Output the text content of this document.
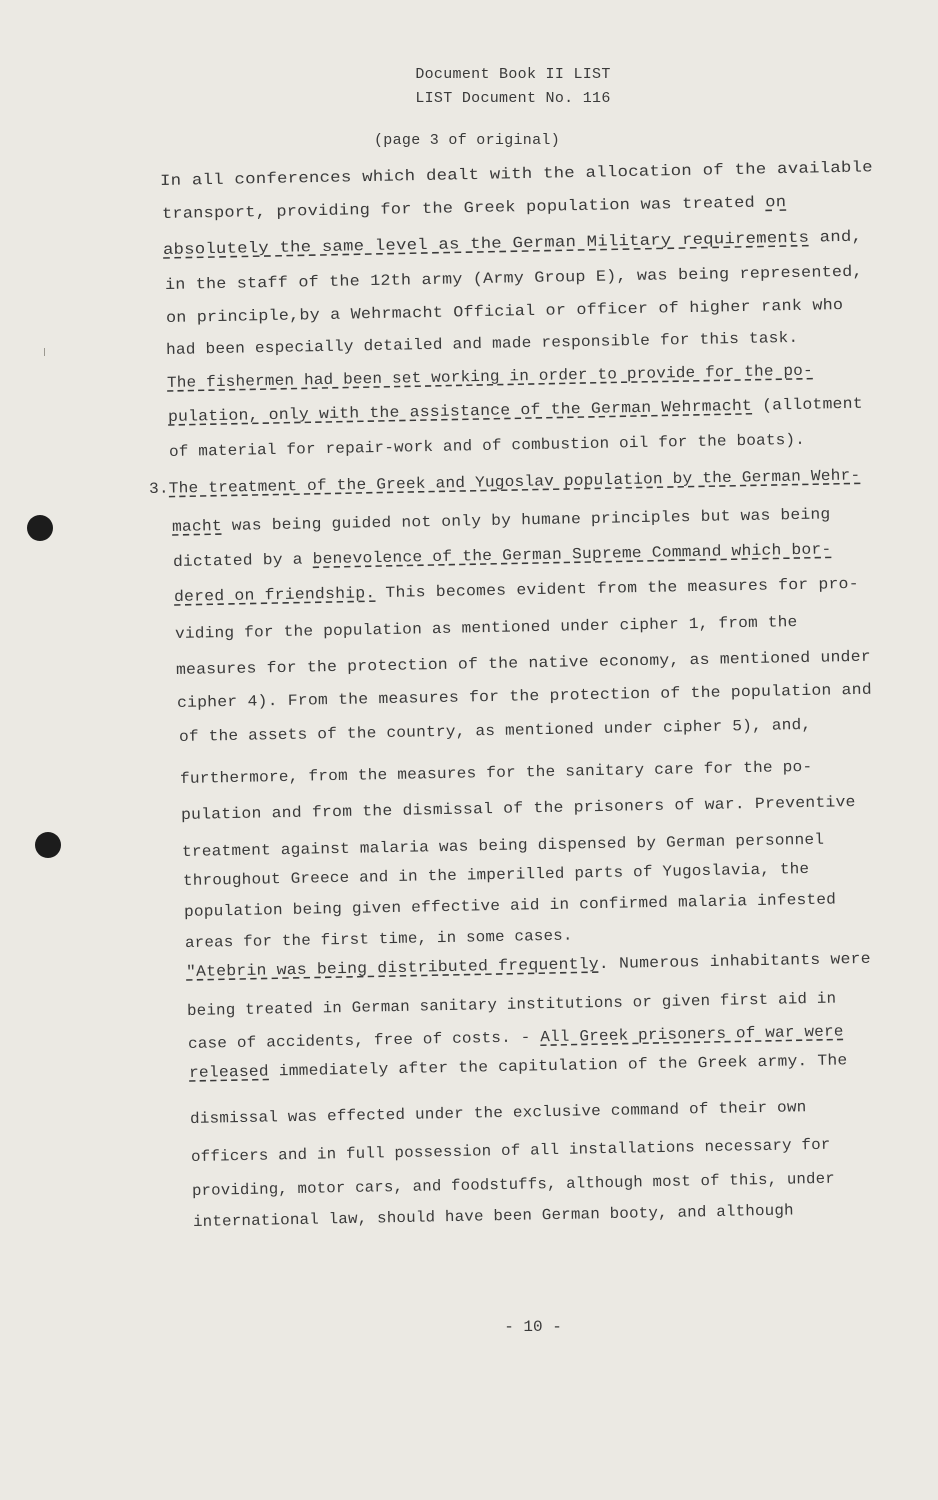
Document Book II LIST
LIST Document No. 116
(page 3 of original)
In all conferences which dealt with the allocation of the available
transport, providing for the Greek population was treated on
absolutely the same level as the German Military requirements and,
in the staff of the 12th army (Army Group E), was being represented,
on principle,by a Wehrmacht Official or officer of higher rank who
had been especially detailed and made responsible for this task.
The fishermen had been set working in order to provide for the po-
pulation, only with the assistance of the German Wehrmacht (allotment
of material for repair-work and of combustion oil for the boats).
3.The treatment of the Greek and Yugoslav population by the German Wehr-
macht was being guided not only by humane principles but was being
dictated by a benevolence of the German Supreme Command which bor-
dered on friendship. This becomes evident from the measures for pro-
viding for the population as mentioned under cipher 1, from the
measures for the protection of the native economy, as mentioned under
cipher 4). From the measures for the protection of the population and
of the assets of the country, as mentioned under cipher 5), and,
furthermore, from the measures for the sanitary care for the po-
pulation and from the dismissal of the prisoners of war. Preventive
treatment against malaria was being dispensed by German personnel
throughout Greece and in the imperilled parts of Yugoslavia, the
population being given effective aid in confirmed malaria infested
areas for the first time, in some cases.
"Atebrin was being distributed frequently. Numerous inhabitants were
being treated in German sanitary institutions or given first aid in
case of accidents, free of costs. - All Greek prisoners of war were
released immediately after the capitulation of the Greek army. The
dismissal was effected under the exclusive command of their own
officers and in full possession of all installations necessary for
providing, motor cars, and foodstuffs, although most of this, under
international law, should have been German booty, and although
- 10 -
